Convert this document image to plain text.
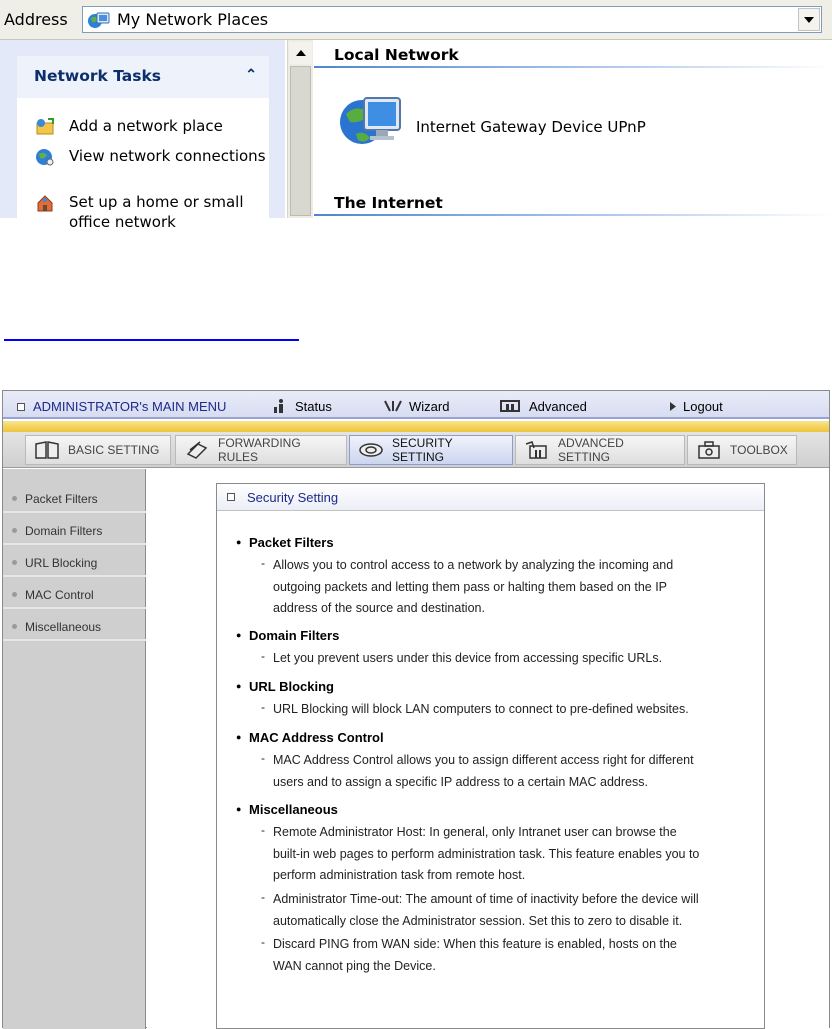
Address	My Network Places
Network Tasks	⌃

Add a network place
View network connections
Set up a home or small office network
Local Network
Internet Gateway Device UPnP
The Internet
ADMINISTRATOR's MAIN MENU	Status	Wizard	Advanced	Logout
BASIC SETTING	FORWARDING RULES
SECURITY SETTING
ADVANCED SETTING	TOOLBOX
Packet Filters
Domain Filters
URL Blocking
MAC Control
Miscellaneous
Security Setting
● Packet Filters
- Allows you to control access to a network by analyzing the incoming and
outgoing packets and letting them pass or halting them based on the IP
address of the source and destination.
● Domain Filters
- Let you prevent users under this device from accessing specific URLs.
● URL Blocking
- URL Blocking will block LAN computers to connect to pre-defined websites.
● MAC Address Control
- MAC Address Control allows you to assign different access right for different
users and to assign a specific IP address to a certain MAC address.
● Miscellaneous
- Remote Administrator Host: In general, only Intranet user can browse the
built-in web pages to perform administration task. This feature enables you to
perform administration task from remote host.
- Administrator Time-out: The amount of time of inactivity before the device will
automatically close the Administrator session. Set this to zero to disable it.
- Discard PING from WAN side: When this feature is enabled, hosts on the
WAN cannot ping the Device.
